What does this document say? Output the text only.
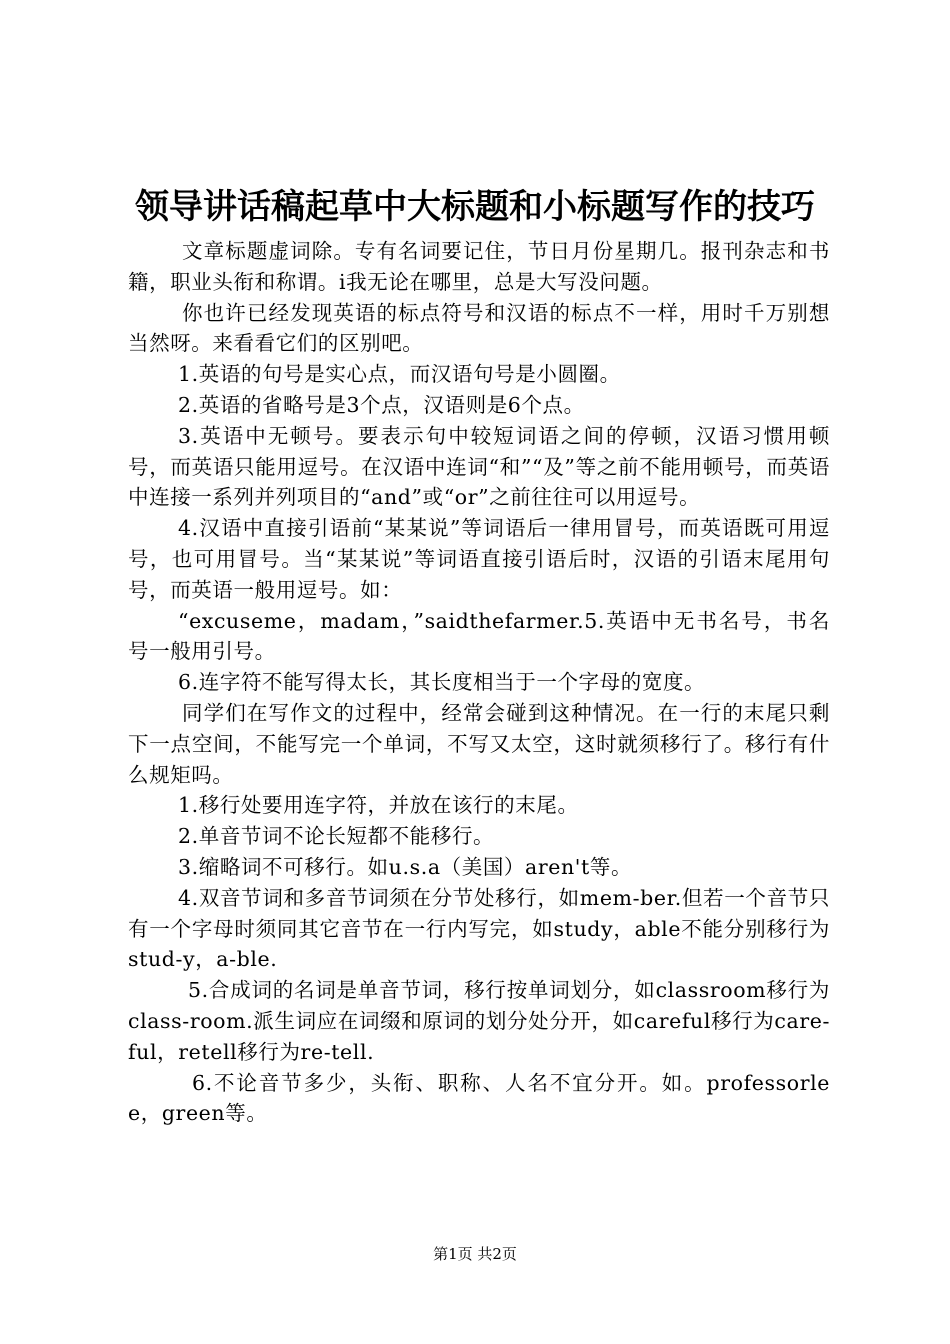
领导讲话稿起草中大标题和小标题写作的技巧

文章标题虚词除。专有名词要记住，节日月份星期几。报刊杂志和书籍，职业头衔和称谓。i我无论在哪里，总是大写没问题。

你也许已经发现英语的标点符号和汉语的标点不一样，用时千万别想当然呀。来看看它们的区别吧。

1.英语的句号是实心点，而汉语句号是小圆圈。

2.英语的省略号是3个点，汉语则是6个点。

3.英语中无顿号。要表示句中较短词语之间的停顿，汉语习惯用顿号，而英语只能用逗号。在汉语中连词“和”“及”等之前不能用顿号，而英语中连接一系列并列项目的“and”或“or”之前往往可以用逗号。

4.汉语中直接引语前“某某说”等词语后一律用冒号，而英语既可用逗号，也可用冒号。当“某某说”等词语直接引语后时，汉语的引语末尾用句号，而英语一般用逗号。如：

“excuseme，madam，”saidthefarmer.5.英语中无书名号，书名号一般用引号。

6.连字符不能写得太长，其长度相当于一个字母的宽度。

同学们在写作文的过程中，经常会碰到这种情况。在一行的末尾只剩下一点空间，不能写完一个单词，不写又太空，这时就须移行了。移行有什么规矩吗。

1.移行处要用连字符，并放在该行的末尾。

2.单音节词不论长短都不能移行。

3.缩略词不可移行。如u.s.a（美国）aren't等。

4.双音节词和多音节词须在分节处移行，如mem-ber.但若一个音节只有一个字母时须同其它音节在一行内写完，如study，able不能分别移行为stud-y，a-ble.

5.合成词的名词是单音节词，移行按单词划分，如classroom移行为class-room.派生词应在词缀和原词的划分处分开，如careful移行为care-ful，retell移行为re-tell.

6.不论音节多少，头衔、职称、人名不宜分开。如。professorlee，green等。

第1页 共2页
